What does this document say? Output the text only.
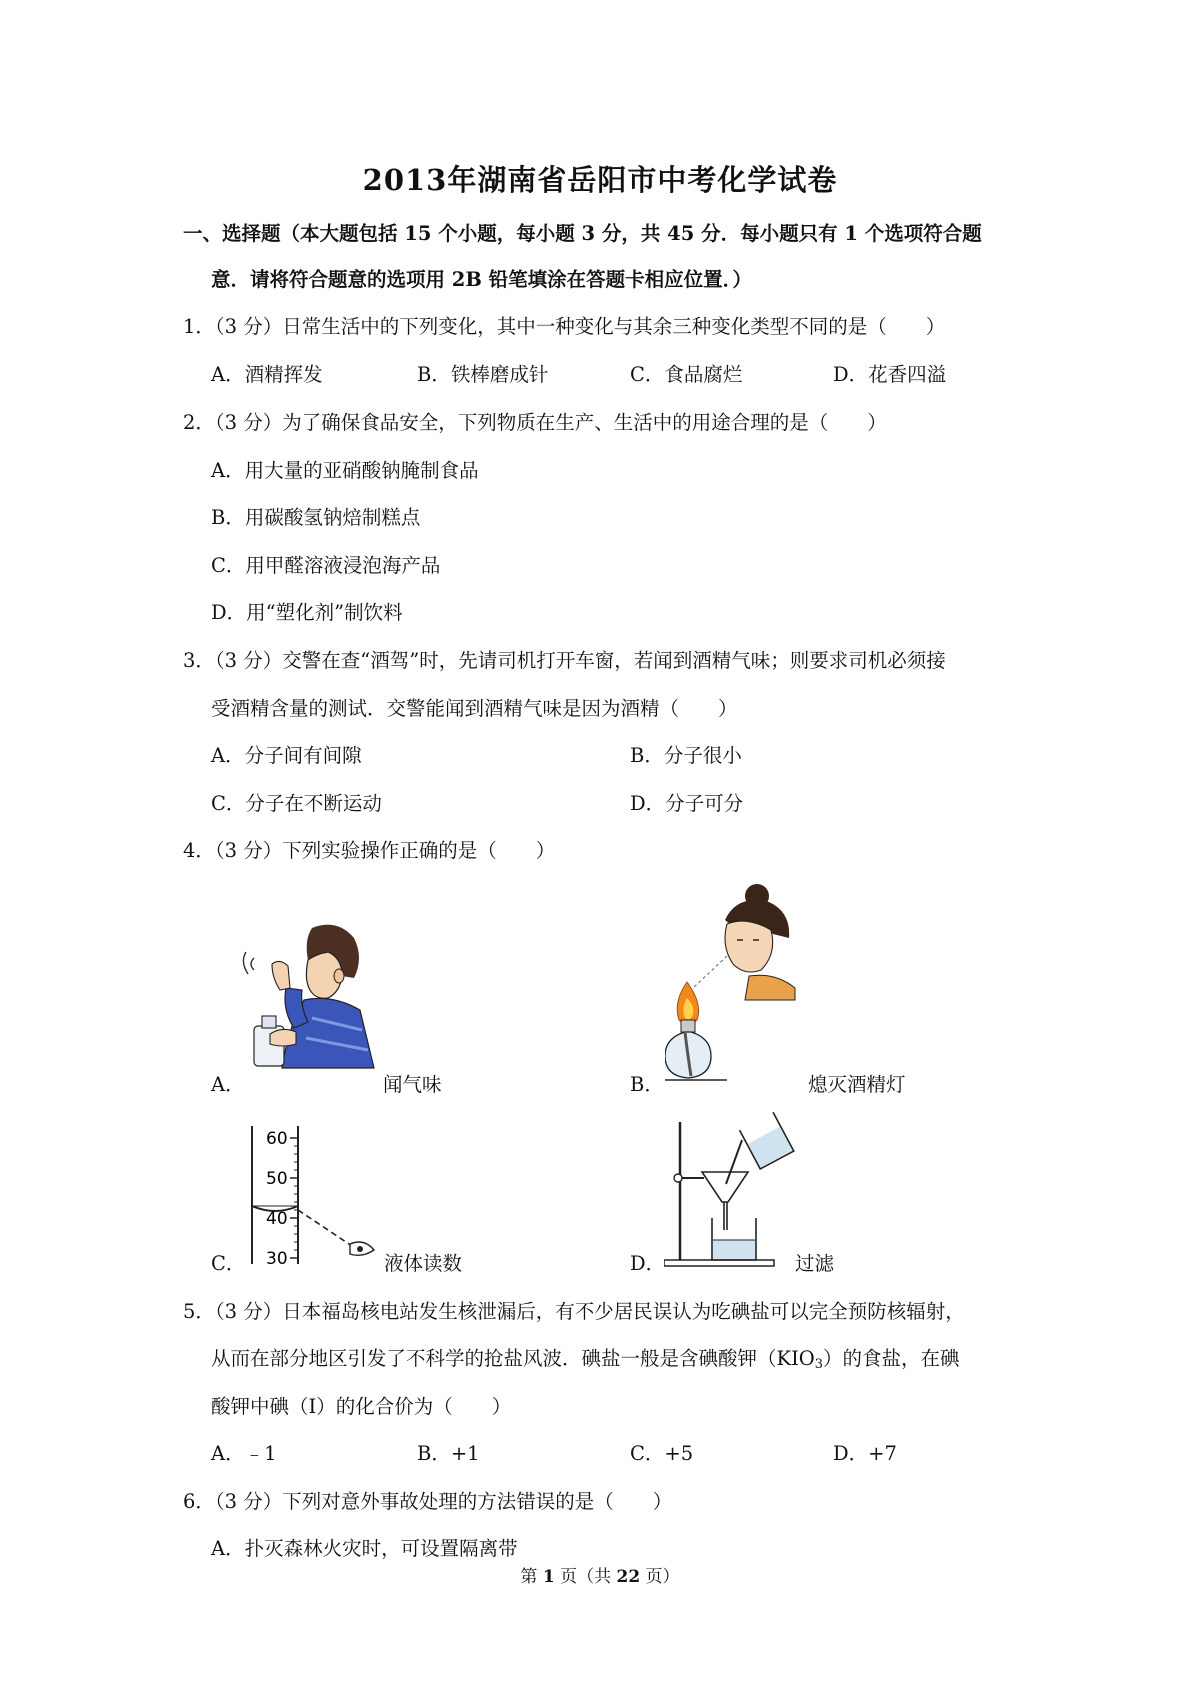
2013年湖南省岳阳市中考化学试卷
一、选择题（本大题包括 15 个小题，每小题 3 分，共 45 分．每小题只有 1 个选项符合题
意．请将符合题意的选项用 2B 铅笔填涂在答题卡相应位置．）
1．（3 分）日常生活中的下列变化，其中一种变化与其余三种变化类型不同的是（　　）
A．酒精挥发	B．铁棒磨成针	C．食品腐烂	D．花香四溢
2．（3 分）为了确保食品安全，下列物质在生产、生活中的用途合理的是（　　）
A．用大量的亚硝酸钠腌制食品
B．用碳酸氢钠焙制糕点
C．用甲醛溶液浸泡海产品
D．用“塑化剂”制饮料
3．（3 分）交警在查“酒驾”时，先请司机打开车窗，若闻到酒精气味；则要求司机必须接
受酒精含量的测试．交警能闻到酒精气味是因为酒精（　　）
A．分子间有间隙	B．分子很小
C．分子在不断运动	D．分子可分
4．（3 分）下列实验操作正确的是（　　）
A．	闻气味	B．	熄灭酒精灯
60
50
40
30
C．	液体读数	D．	过滤
5．（3 分）日本福岛核电站发生核泄漏后，有不少居民误认为吃碘盐可以完全预防核辐射，
从而在部分地区引发了不科学的抢盐风波．碘盐一般是含碘酸钾$(KIO_3)$的食盐，在碘
酸钾中碘（I）的化合价为（　　）
A．﹣1	B．+1	C．+5	D．+7
6．（3 分）下列对意外事故处理的方法错误的是（　　）
A．扑灭森林火灾时，可设置隔离带
第 1 页（共 22 页）
